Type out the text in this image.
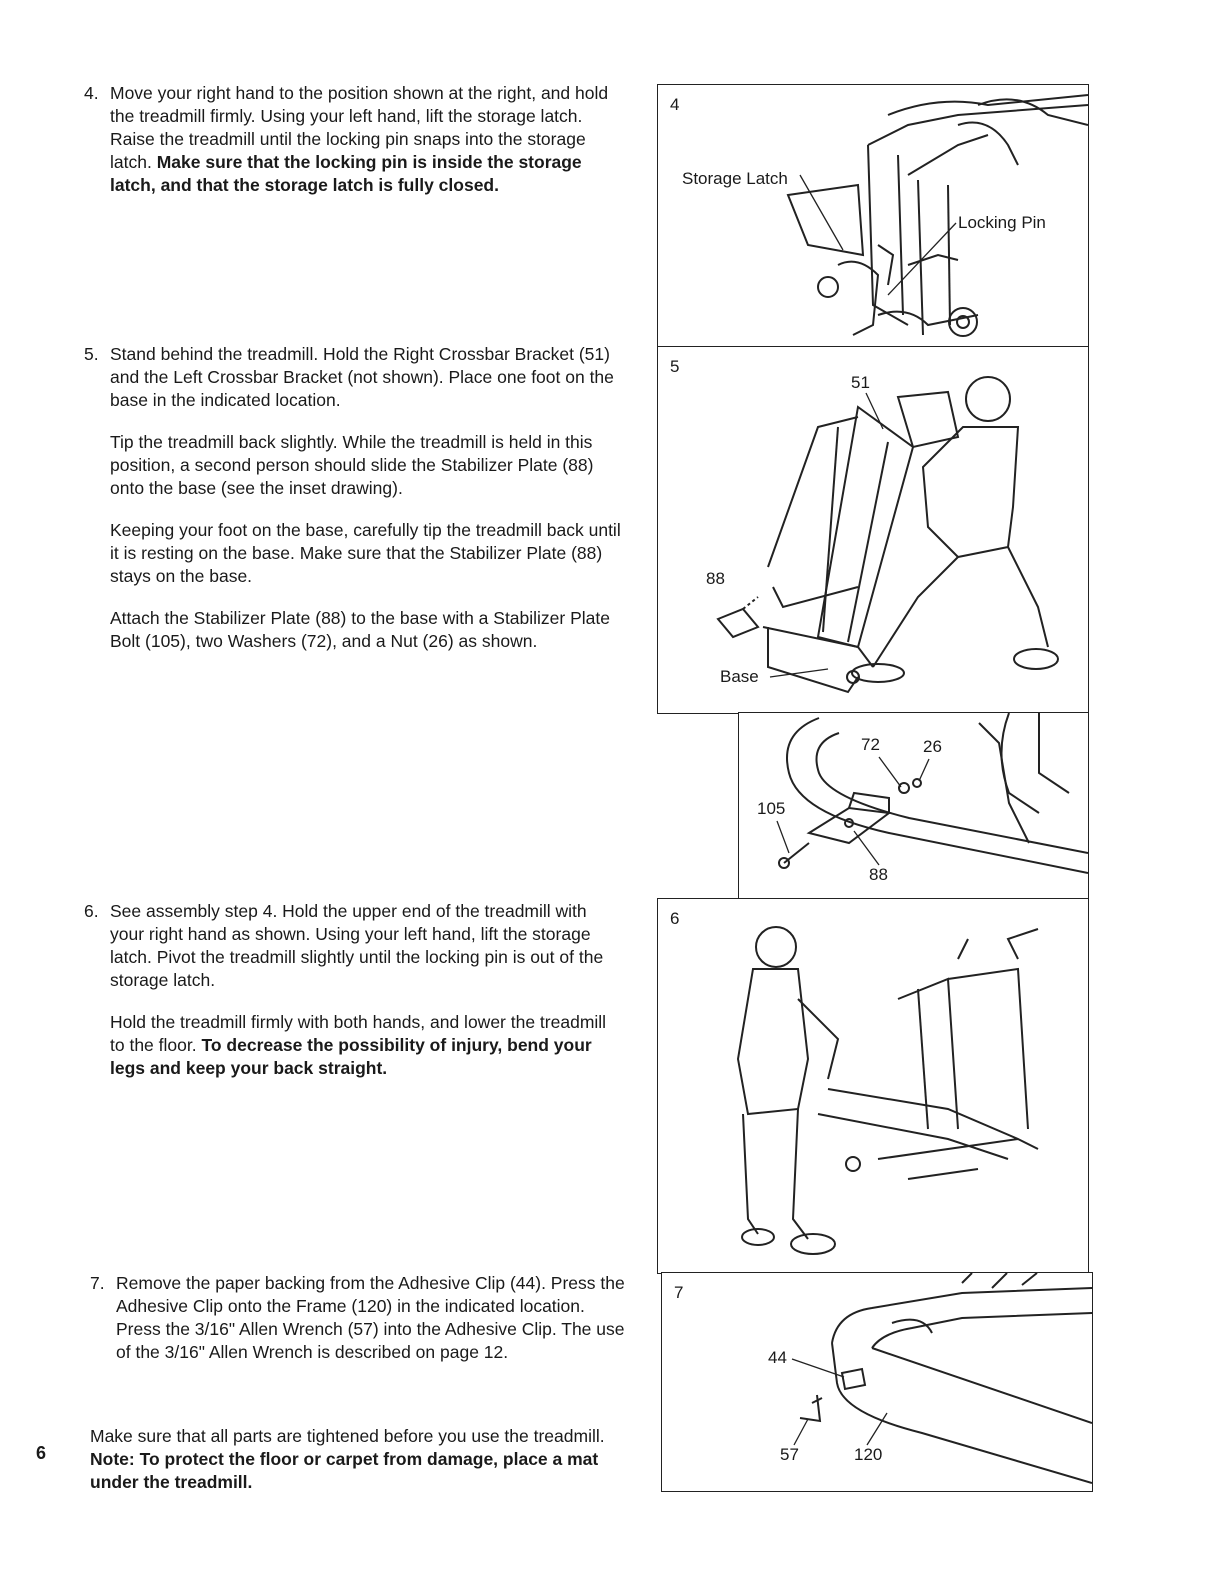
4. Move your right hand to the position shown at the right, and hold the treadmill firmly. Using your left hand, lift the storage latch. Raise the treadmill until the locking pin snaps into the storage latch. Make sure that the locking pin is inside the storage latch, and that the storage latch is fully closed.

5. Stand behind the treadmill. Hold the Right Crossbar Bracket (51) and the Left Crossbar Bracket (not shown). Place one foot on the base in the indicated location.

Tip the treadmill back slightly. While the treadmill is held in this position, a second person should slide the Stabilizer Plate (88) onto the base (see the inset drawing).

Keeping your foot on the base, carefully tip the treadmill back until it is resting on the base. Make sure that the Stabilizer Plate (88) stays on the base.

Attach the Stabilizer Plate (88) to the base with a Stabilizer Plate Bolt (105), two Washers (72), and a Nut (26) as shown.

6. See assembly step 4. Hold the upper end of the treadmill with your right hand as shown. Using your left hand, lift the storage latch. Pivot the treadmill slightly until the locking pin is out of the storage latch.

Hold the treadmill firmly with both hands, and lower the treadmill to the floor. To decrease the possibility of injury, bend your legs and keep your back straight.

7. Remove the paper backing from the Adhesive Clip (44). Press the Adhesive Clip onto the Frame (120) in the indicated location. Press the 3/16" Allen Wrench (57) into the Adhesive Clip. The use of the 3/16" Allen Wrench is described on page 12.

Make sure that all parts are tightened before you use the treadmill. Note: To protect the floor or carpet from damage, place a mat under the treadmill.
6
4
Storage Latch
Locking Pin
5
51
88
Base
72	26
105
88
6
7
44
57	120
